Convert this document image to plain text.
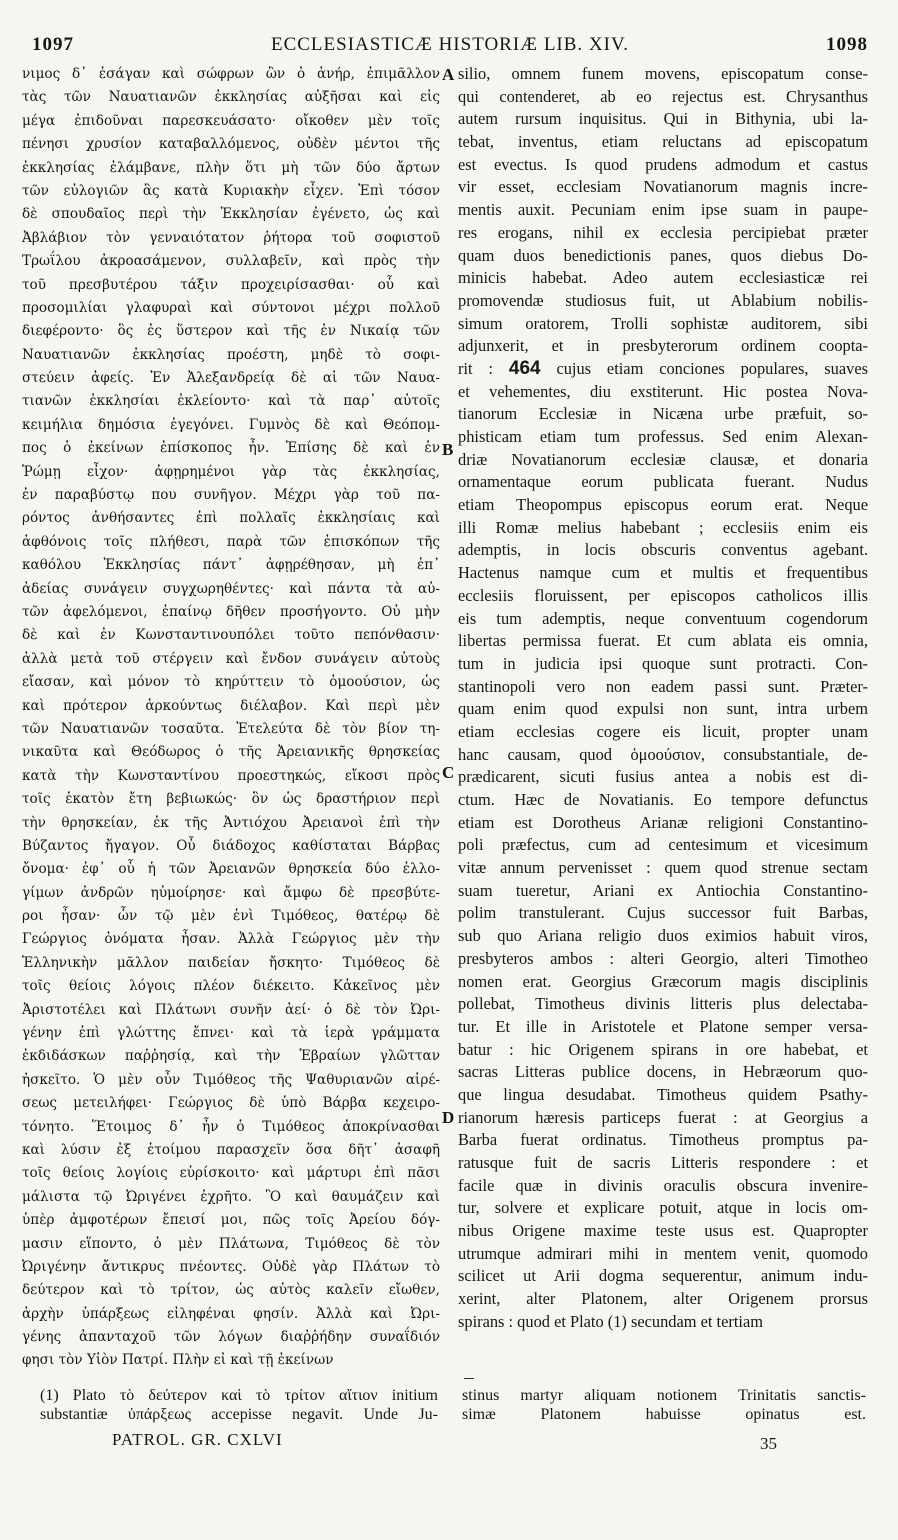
1097	ECCLESIASTICÆ HISTORIÆ LIB. XIV.	1098
νιμος δ᾽ ἐσάγαν καὶ σώφρων ὢν ὁ ἀνήρ, ἐπιμᾶλλον
τὰς τῶν Ναυατιανῶν ἐκκλησίας αὐξῆσαι καὶ εἰς
μέγα ἐπιδοῦναι παρεσκευάσατο· οἴκοθεν μὲν τοῖς
πένησι χρυσίον καταβαλλόμενος, οὐδὲν μέντοι τῆς
ἐκκλησίας ἐλάμβανε, πλὴν ὅτι μὴ τῶν δύο ἄρτων
τῶν εὐλογιῶν ἃς κατὰ Κυριακὴν εἶχεν. Ἐπὶ τόσον
δὲ σπουδαῖος περὶ τὴν Ἐκκλησίαν ἐγένετο, ὡς καὶ
Ἀβλάβιον τὸν γενναιότατον ῥήτορα τοῦ σοφιστοῦ
Τρωΐλου ἀκροασάμενον, συλλαβεῖν, καὶ πρὸς τὴν
τοῦ πρεσβυτέρου τάξιν προχειρίσασθαι· οὗ καὶ
προσομιλίαι γλαφυραὶ καὶ σύντονοι μέχρι πολλοῦ
διεφέροντο· ὃς ἐς ὕστερον καὶ τῆς ἐν Νικαίᾳ τῶν
Ναυατιανῶν ἐκκλησίας προέστη, μηδὲ τὸ σοφι-
στεύειν ἀφείς. Ἐν Ἀλεξανδρείᾳ δὲ αἱ τῶν Ναυα-
τιανῶν ἐκκλησίαι ἐκλείοντο· καὶ τὰ παρ᾽ αὐτοῖς
κειμήλια δημόσια ἐγεγόνει. Γυμνὸς δὲ καὶ Θεόπομ-
πος ὁ ἐκείνων ἐπίσκοπος ἦν. Ἐπίσης δὲ καὶ ἐν
Ῥώμῃ εἶχον· ἀφῃρημένοι γὰρ τὰς ἐκκλησίας,
ἐν παραβύστῳ που συνῆγον. Μέχρι γὰρ τοῦ πα-
ρόντος ἀνθήσαντες ἐπὶ πολλαῖς ἐκκλησίαις καὶ
ἀφθόνοις τοῖς πλήθεσι, παρὰ τῶν ἐπισκόπων τῆς
καθόλου Ἐκκλησίας πάντ᾽ ἀφῃρέθησαν, μὴ ἐπ᾽
ἀδείας συνάγειν συγχωρηθέντες· καὶ πάντα τὰ αὐ-
τῶν ἀφελόμενοι, ἐπαίνῳ δῆθεν προσήγοντο. Οὐ μὴν
δὲ καὶ ἐν Κωνσταντινουπόλει τοῦτο πεπόνθασιν·
ἀλλὰ μετὰ τοῦ στέργειν καὶ ἔνδον συνάγειν αὐτοὺς
εἴασαν, καὶ μόνον τὸ κηρύττειν τὸ ὁμοούσιον, ὡς
καὶ πρότερον ἀρκούντως διέλαβον. Καὶ περὶ μὲν
τῶν Ναυατιανῶν τοσαῦτα. Ἐτελεύτα δὲ τὸν βίον τη-
νικαῦτα καὶ Θεόδωρος ὁ τῆς Ἀρειανικῆς θρησκείας
κατὰ τὴν Κωνσταντίνου προεστηκώς, εἴκοσι πρὸς
τοῖς ἑκατὸν ἔτη βεβιωκώς· ὃν ὡς δραστήριον περὶ
τὴν θρησκείαν, ἐκ τῆς Ἀντιόχου Ἀρειανοὶ ἐπὶ τὴν
Βύζαντος ἤγαγον. Οὗ διάδοχος καθίσταται Βάρβας
ὄνομα· ἐφ᾽ οὗ ἡ τῶν Ἀρειανῶν θρησκεία δύο ἐλλο-
γίμων ἀνδρῶν ηὐμοίρησε· καὶ ἄμφω δὲ πρεσβύτε-
ροι ἦσαν· ὧν τῷ μὲν ἑνὶ Τιμόθεος, θατέρῳ δὲ
Γεώργιος ὀνόματα ἦσαν. Ἀλλὰ Γεώργιος μὲν τὴν
Ἑλληνικὴν μᾶλλον παιδείαν ἤσκητο· Τιμόθεος δὲ
τοῖς θείοις λόγοις πλέον διέκειτο. Κἀκεῖνος μὲν
Ἀριστοτέλει καὶ Πλάτωνι συνῆν ἀεί· ὁ δὲ τὸν Ὠρι-
γένην ἐπὶ γλώττης ἔπνει· καὶ τὰ ἱερὰ γράμματα
ἐκδιδάσκων παῤῥησίᾳ, καὶ τὴν Ἑβραίων γλῶτταν
ἠσκεῖτο. Ὁ μὲν οὖν Τιμόθεος τῆς Ψαθυριανῶν αἱρέ-
σεως μετειλήφει· Γεώργιος δὲ ὑπὸ Βάρβα κεχειρο-
τόνητο. Ἕτοιμος δ᾽ ἦν ὁ Τιμόθεος ἀποκρίνασθαι
καὶ λύσιν ἐξ ἑτοίμου παρασχεῖν ὅσα δῆτ᾽ ἀσαφῆ
τοῖς θείοις λογίοις εὑρίσκοιτο· καὶ μάρτυρι ἐπὶ πᾶσι
μάλιστα τῷ Ὠριγένει ἐχρῆτο. Ὃ καὶ θαυμάζειν καὶ
ὑπὲρ ἀμφοτέρων ἔπεισί μοι, πῶς τοῖς Ἀρείου δόγ-
μασιν εἵποντο, ὁ μὲν Πλάτωνα, Τιμόθεος δὲ τὸν
Ὠριγένην ἄντικρυς πνέοντες. Οὐδὲ γὰρ Πλάτων τὸ
δεύτερον καὶ τὸ τρίτον, ὡς αὐτὸς καλεῖν εἴωθεν,
ἀρχὴν ὑπάρξεως εἰληφέναι φησίν. Ἀλλὰ καὶ Ὠρι-
γένης ἀπανταχοῦ τῶν λόγων διαῤῥήδην συναΐδιόν
φησι τὸν Υἱὸν Πατρί. Πλὴν εἰ καὶ τῇ ἐκείνων
silio, omnem funem movens, episcopatum conse-
qui contenderet, ab eo rejectus est. Chrysanthus
autem rursum inquisitus. Qui in Bithynia, ubi la-
tebat, inventus, etiam reluctans ad episcopatum
est evectus. Is quod prudens admodum et castus
vir esset, ecclesiam Novatianorum magnis incre-
mentis auxit. Pecuniam enim ipse suam in paupe-
res erogans, nihil ex ecclesia percipiebat præter
quam duos benedictionis panes, quos diebus Do-
minicis habebat. Adeo autem ecclesiasticæ rei
promovendæ studiosus fuit, ut Ablabium nobilis-
simum oratorem, Trolli sophistæ auditorem, sibi
adjunxerit, et in presbyterorum ordinem coopta-
rit : 464 cujus etiam conciones populares, suaves
et vehementes, diu exstiterunt. Hic postea Nova-
tianorum Ecclesiæ in Nicæna urbe præfuit, so-
phisticam etiam tum professus. Sed enim Alexan-
driæ Novatianorum ecclesiæ clausæ, et donaria
ornamentaque eorum publicata fuerant. Nudus
etiam Theopompus episcopus eorum erat. Neque
illi Romæ melius habebant ; ecclesiis enim eis
ademptis, in locis obscuris conventus agebant.
Hactenus namque cum et multis et frequentibus
ecclesiis floruissent, per episcopos catholicos illis
eis tum ademptis, neque conventuum cogendorum
libertas permissa fuerat. Et cum ablata eis omnia,
tum in judicia ipsi quoque sunt protracti. Con-
stantinopoli vero non eadem passi sunt. Præter-
quam enim quod expulsi non sunt, intra urbem
etiam ecclesias cogere eis licuit, propter unam
hanc causam, quod ὁμοούσιον, consubstantiale, de-
prædicarent, sicuti fusius antea a nobis est di-
ctum. Hæc de Novatianis. Eo tempore defunctus
etiam est Dorotheus Arianæ religioni Constantino-
poli præfectus, cum ad centesimum et vicesimum
vitæ annum pervenisset : quem quod strenue sectam
suam tueretur, Ariani ex Antiochia Constantino-
polim transtulerant. Cujus successor fuit Barbas,
sub quo Ariana religio duos eximios habuit viros,
presbyteros ambos : alteri Georgio, alteri Timotheo
nomen erat. Georgius Græcorum magis disciplinis
pollebat, Timotheus divinis litteris plus delectaba-
tur. Et ille in Aristotele et Platone semper versa-
batur : hic Origenem spirans in ore habebat, et
sacras Litteras publice docens, in Hebræorum quo-
que lingua desudabat. Timotheus quidem Psathy-
rianorum hæresis particeps fuerat : at Georgius a
Barba fuerat ordinatus. Timotheus promptus pa-
ratusque fuit de sacris Litteris respondere : et
facile quæ in divinis oraculis obscura invenire-
tur, solvere et explicare potuit, atque in locis om-
nibus Origene maxime teste usus est. Quapropter
utrumque admirari mihi in mentem venit, quomodo
scilicet ut Arii dogma sequerentur, animum indu-
xerint, alter Platonem, alter Origenem prorsus
spirans : quod et Plato (1) secundam et tertiam
A
B
C
D
(1) Plato τὸ δεύτερον καὶ τὸ τρίτον αἴτιον initium
substantiæ ὑπάρξεως accepisse negavit. Unde Ju-
stinus martyr aliquam notionem Trinitatis sanctis-
simæ Platonem habuisse opinatus est.
PATROL. GR. CXLVI	35
